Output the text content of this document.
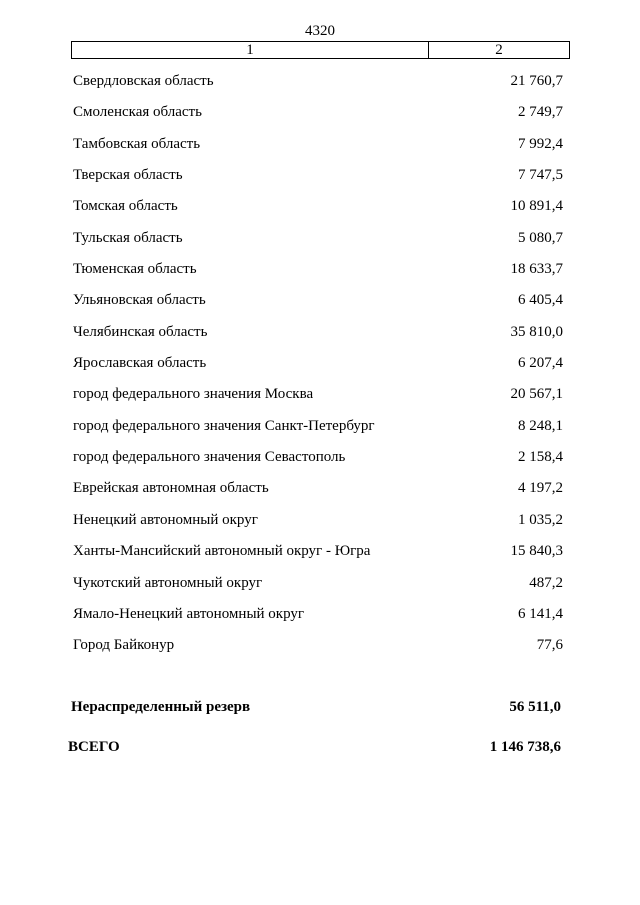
4320
1	2
Свердловская область	21 760,7
Смоленская область	2 749,7
Тамбовская область	7 992,4
Тверская область	7 747,5
Томская область	10 891,4
Тульская область	5 080,7
Тюменская область	18 633,7
Ульяновская область	6 405,4
Челябинская область	35 810,0
Ярославская область	6 207,4
город федерального значения Москва	20 567,1
город федерального значения Санкт-Петербург	8 248,1
город федерального значения Севастополь	2 158,4
Еврейская автономная область	4 197,2
Ненецкий автономный округ	1 035,2
Ханты-Мансийский автономный округ - Югра	15 840,3
Чукотский автономный округ	487,2
Ямало-Ненецкий автономный округ	6 141,4
Город Байконур	77,6
Нераспределенный резерв	56 511,0
ВСЕГО	1 146 738,6
